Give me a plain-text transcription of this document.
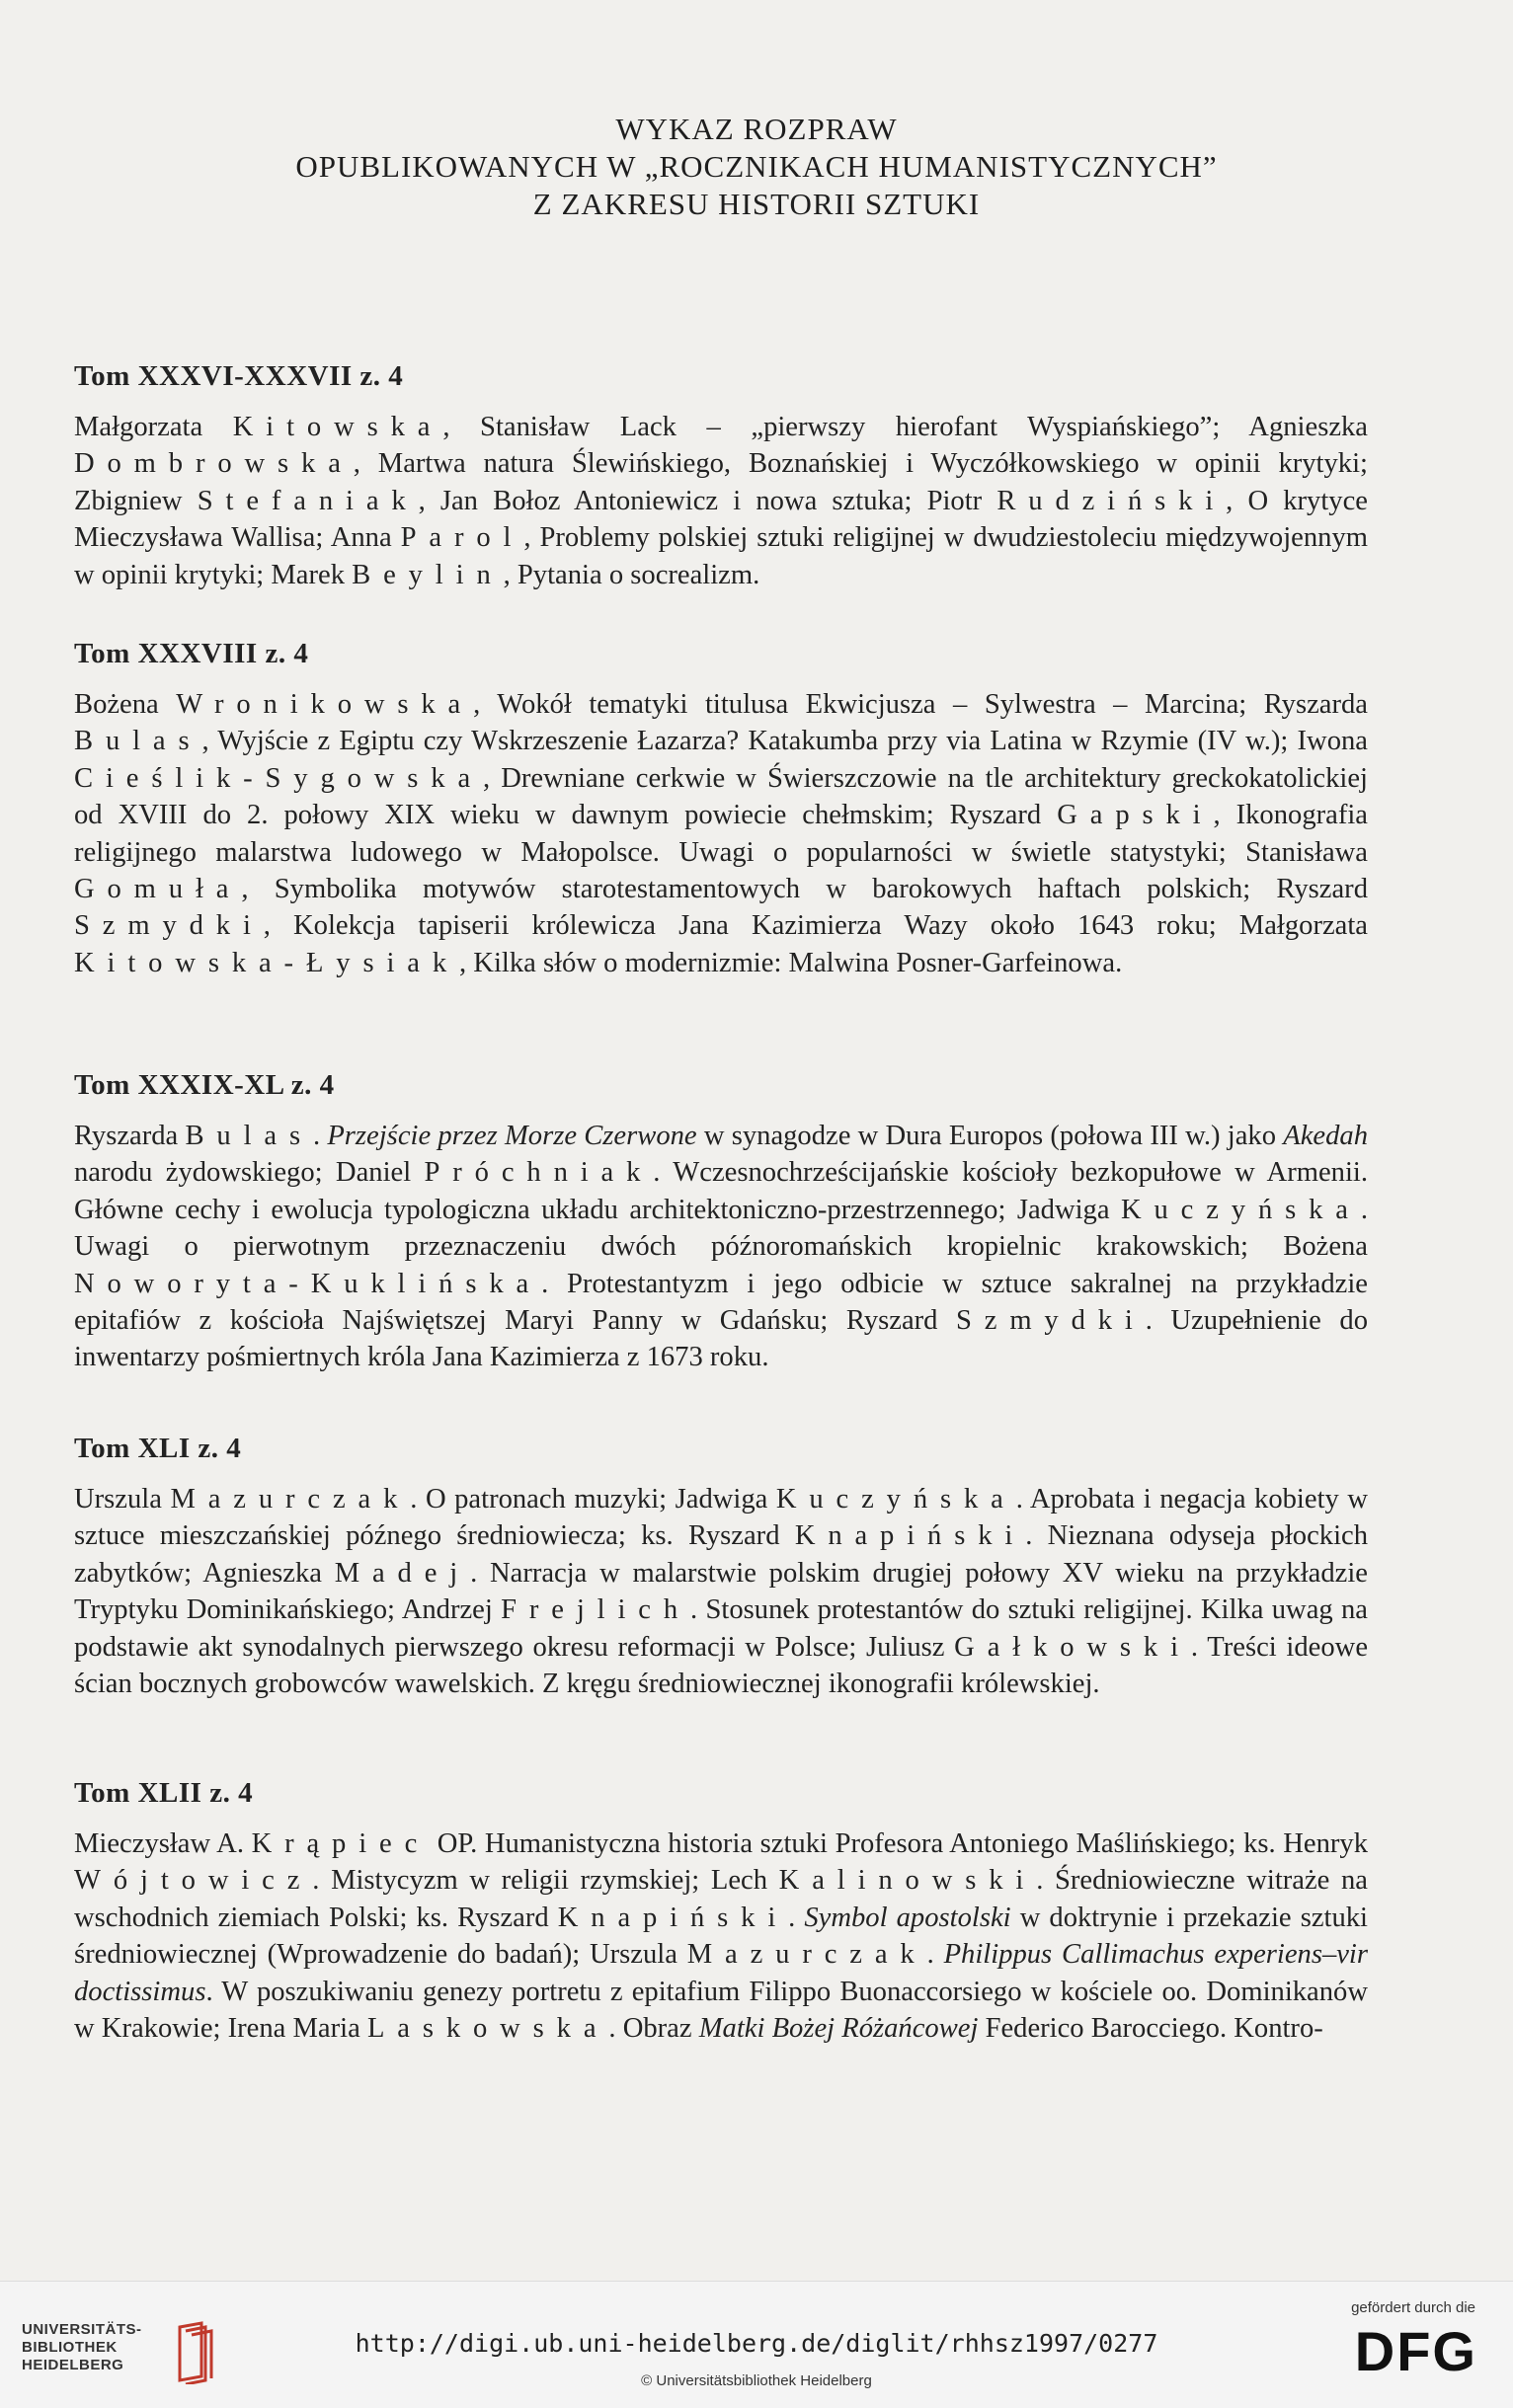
WYKAZ ROZPRAW
OPUBLIKOWANYCH W „ROCZNIKACH HUMANISTYCZNYCH”
Z ZAKRESU HISTORII SZTUKI
Tom XXXVI-XXXVII z. 4
Małgorzata Kitowska, Stanisław Lack – „pierwszy hierofant Wyspiańskiego”; Agnieszka Dombrowska, Martwa natura Ślewińskiego, Boznańskiej i Wyczółkowskiego w opinii krytyki; Zbigniew Stefaniak, Jan Bołoz Antoniewicz i nowa sztuka; Piotr Rudziński, O krytyce Mieczysława Wallisa; Anna Parol, Problemy polskiej sztuki religijnej w dwudziestoleciu międzywojennym w opinii krytyki; Marek Beylin, Pytania o socrealizm.
Tom XXXVIII z. 4
Bożena Wronikowska, Wokół tematyki titulusa Ekwicjusza – Sylwestra – Marcina; Ryszarda Bulas, Wyjście z Egiptu czy Wskrzeszenie Łazarza? Katakumba przy via Latina w Rzymie (IV w.); Iwona Cieślik-Sygowska, Drewniane cerkwie w Świerszczowie na tle architektury greckokatolickiej od XVIII do 2. połowy XIX wieku w dawnym powiecie chełmskim; Ryszard Gapski, Ikonografia religijnego malarstwa ludowego w Małopolsce. Uwagi o popularności w świetle statystyki; Stanisława Gomuła, Symbolika motywów starotestamentowych w barokowych haftach polskich; Ryszard Szmydki, Kolekcja tapiserii królewicza Jana Kazimierza Wazy około 1643 roku; Małgorzata Kitowska-Łysiak, Kilka słów o modernizmie: Malwina Posner-Garfeinowa.
Tom XXXIX-XL z. 4
Ryszarda Bulas. Przejście przez Morze Czerwone w synagodze w Dura Europos (połowa III w.) jako Akedah narodu żydowskiego; Daniel Próchniak. Wczesnochrześcijańskie kościoły bezkopułowe w Armenii. Główne cechy i ewolucja typologiczna układu architektoniczno-przestrzennego; Jadwiga Kuczyńska. Uwagi o pierwotnym przeznaczeniu dwóch późnoromańskich kropielnic krakowskich; Bożena Noworyta-Kuklińska. Protestantyzm i jego odbicie w sztuce sakralnej na przykładzie epitafiów z kościoła Najświętszej Maryi Panny w Gdańsku; Ryszard Szmydki. Uzupełnienie do inwentarzy pośmiertnych króla Jana Kazimierza z 1673 roku.
Tom XLI z. 4
Urszula Mazurczak. O patronach muzyki; Jadwiga Kuczyńska. Aprobata i negacja kobiety w sztuce mieszczańskiej późnego średniowiecza; ks. Ryszard Knapiński. Nieznana odyseja płockich zabytków; Agnieszka Madej. Narracja w malarstwie polskim drugiej połowy XV wieku na przykładzie Tryptyku Dominikańskiego; Andrzej Frejlich. Stosunek protestantów do sztuki religijnej. Kilka uwag na podstawie akt synodalnych pierwszego okresu reformacji w Polsce; Juliusz Gałkowski. Treści ideowe ścian bocznych grobowców wawelskich. Z kręgu średniowiecznej ikonografii królewskiej.
Tom XLII z. 4
Mieczysław A. Krąpiec OP. Humanistyczna historia sztuki Profesora Antoniego Maślińskiego; ks. Henryk Wójtowicz. Mistycyzm w religii rzymskiej; Lech Kalinowski. Średniowieczne witraże na wschodnich ziemiach Polski; ks. Ryszard Knapiński. Symbol apostolski w doktrynie i przekazie sztuki średniowiecznej (Wprowadzenie do badań); Urszula Mazurczak. Philippus Callimachus experiens–vir doctissimus. W poszukiwaniu genezy portretu z epitafium Filippo Buonaccorsiego w kościele oo. Dominikanów w Krakowie; Irena Maria Laskowska. Obraz Matki Bożej Różańcowej Federico Barocciego. Kontro-
UNIVERSITÄTS-
BIBLIOTHEK
HEIDELBERG
http://digi.ub.uni-heidelberg.de/diglit/rhhsz1997/0277
© Universitätsbibliothek Heidelberg
gefördert durch die
DFG
